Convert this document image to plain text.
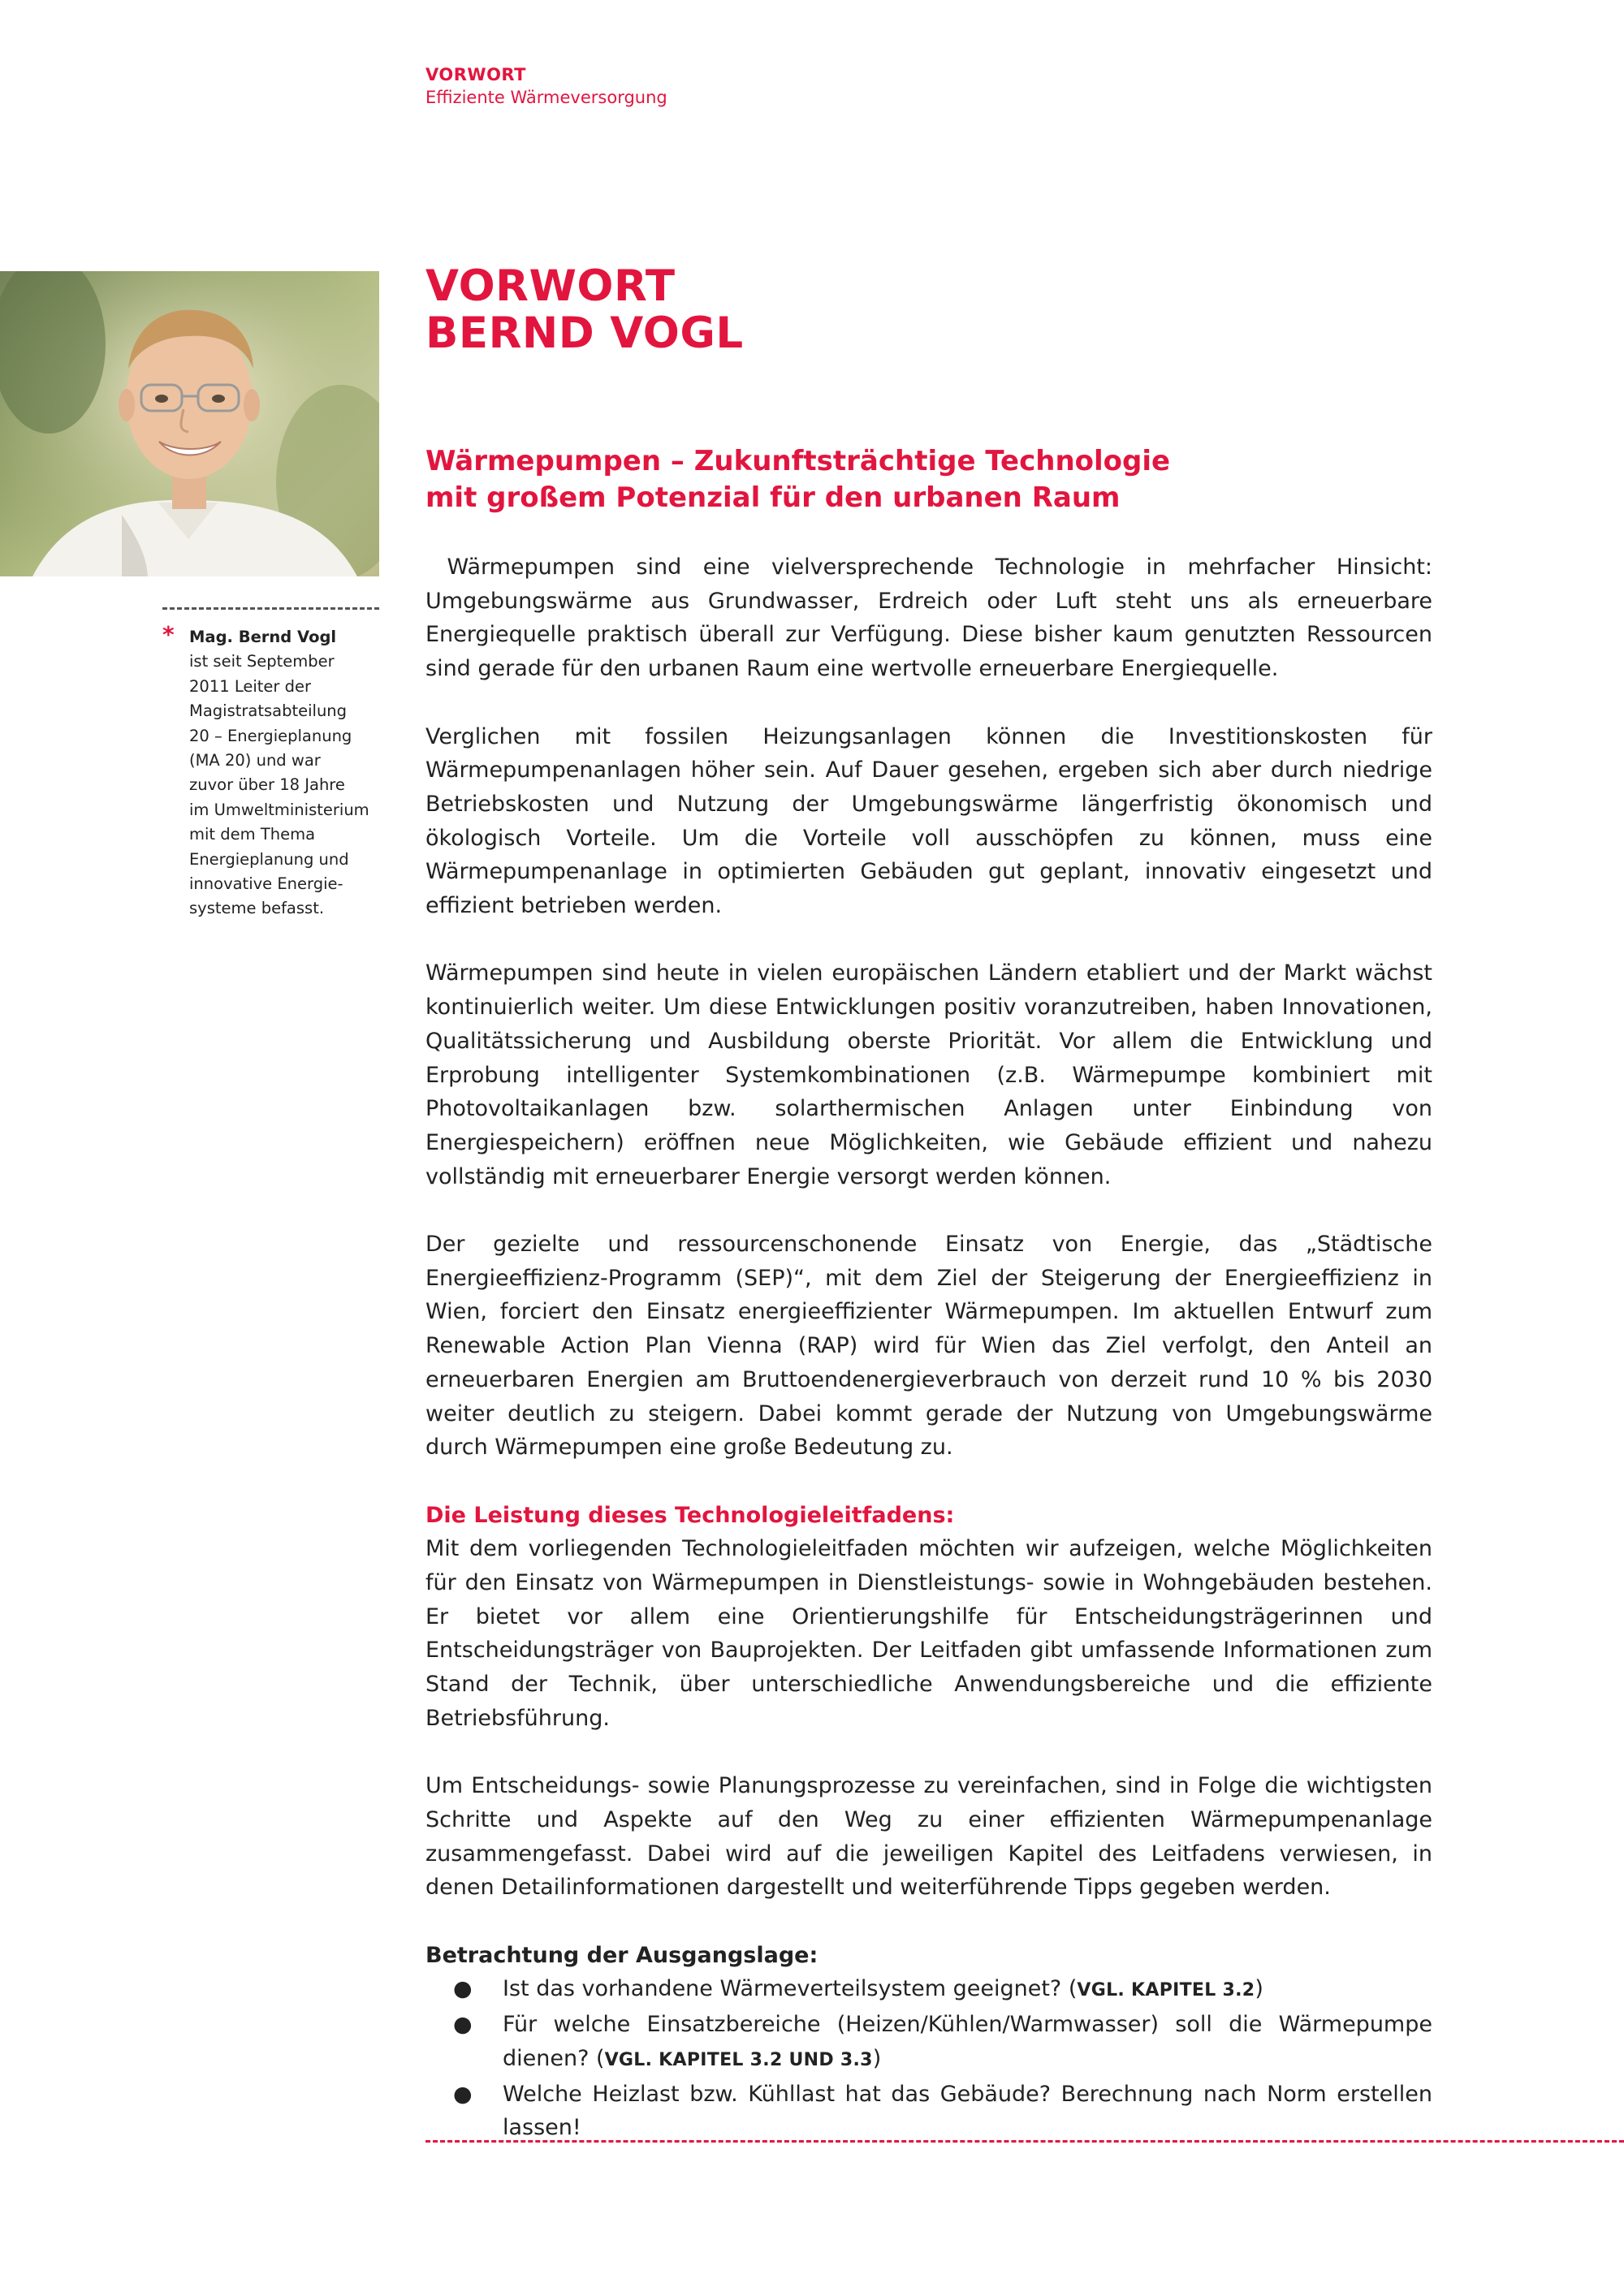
VORWORT
Effiziente Wärmeversorgung
* Mag. Bernd Vogl
ist seit September
2011 Leiter der
Magistratsabteilung
20 – Energieplanung
(MA 20) und war
zuvor über 18 Jahre
im Umweltministerium
mit dem Thema
Energieplanung und
innovative Energie-
systeme befasst.
VORWORT
BERND VOGL
Wärmepumpen – Zukunftsträchtige Technologie
mit großem Potenzial für den urbanen Raum

Wärmepumpen sind eine vielversprechende Technologie in mehrfacher Hinsicht: Umgebungswärme aus Grundwasser, Erdreich oder Luft steht uns als erneuerbare Energiequelle praktisch überall zur Verfügung. Diese bisher kaum genutzten Ressourcen sind gerade für den urbanen Raum eine wertvolle erneuerbare Energiequelle.

Verglichen mit fossilen Heizungsanlagen können die Investitionskosten für Wärmepumpenanlagen höher sein. Auf Dauer gesehen, ergeben sich aber durch niedrige Betriebskosten und Nutzung der Umgebungswärme längerfristig ökonomisch und ökologisch Vorteile. Um die Vorteile voll ausschöpfen zu können, muss eine Wärmepumpenanlage in optimierten Gebäuden gut geplant, innovativ eingesetzt und effizient betrieben werden.

Wärmepumpen sind heute in vielen europäischen Ländern etabliert und der Markt wächst kontinuierlich weiter. Um diese Entwicklungen positiv voranzutreiben, haben Innovationen, Qualitätssicherung und Ausbildung oberste Priorität. Vor allem die Entwicklung und Erprobung intelligenter Systemkombinationen (z.B. Wärmepumpe kombiniert mit Photovoltaikanlagen bzw. solarthermischen Anlagen unter Einbindung von Energiespeichern) eröffnen neue Möglichkeiten, wie Gebäude effizient und nahezu vollständig mit erneuerbarer Energie versorgt werden können.

Der gezielte und ressourcenschonende Einsatz von Energie, das „Städtische Energieeffizienz-Programm (SEP)“, mit dem Ziel der Steigerung der Energieeffizienz in Wien, forciert den Einsatz energieeffizienter Wärmepumpen. Im aktuellen Entwurf zum Renewable Action Plan Vienna (RAP) wird für Wien das Ziel verfolgt, den Anteil an erneuerbaren Energien am Bruttoendenergieverbrauch von derzeit rund 10 % bis 2030 weiter deutlich zu steigern. Dabei kommt gerade der Nutzung von Umgebungswärme durch Wärmepumpen eine große Bedeutung zu.

Die Leistung dieses Technologieleitfadens:

Mit dem vorliegenden Technologieleitfaden möchten wir aufzeigen, welche Möglichkeiten für den Einsatz von Wärmepumpen in Dienstleistungs- sowie in Wohngebäuden bestehen. Er bietet vor allem eine Orientierungshilfe für Entscheidungsträgerinnen und Entscheidungsträger von Bauprojekten. Der Leitfaden gibt umfassende Informationen zum Stand der Technik, über unterschiedliche Anwendungsbereiche und die effiziente Betriebsführung.

Um Entscheidungs- sowie Planungsprozesse zu vereinfachen, sind in Folge die wichtigsten Schritte und Aspekte auf den Weg zu einer effizienten Wärmepumpenanlage zusammengefasst. Dabei wird auf die jeweiligen Kapitel des Leitfadens verwiesen, in denen Detailinformationen dargestellt und weiterführende Tipps gegeben werden.

Betrachtung der Ausgangslage:
● Ist das vorhandene Wärmeverteilsystem geeignet? (VGL. KAPITEL 3.2)
● Für welche Einsatzbereiche (Heizen/Kühlen/Warmwasser) soll die Wärmepumpe dienen? (VGL. KAPITEL 3.2 UND 3.3)
● Welche Heizlast bzw. Kühllast hat das Gebäude? Berechnung nach Norm erstellen lassen!
